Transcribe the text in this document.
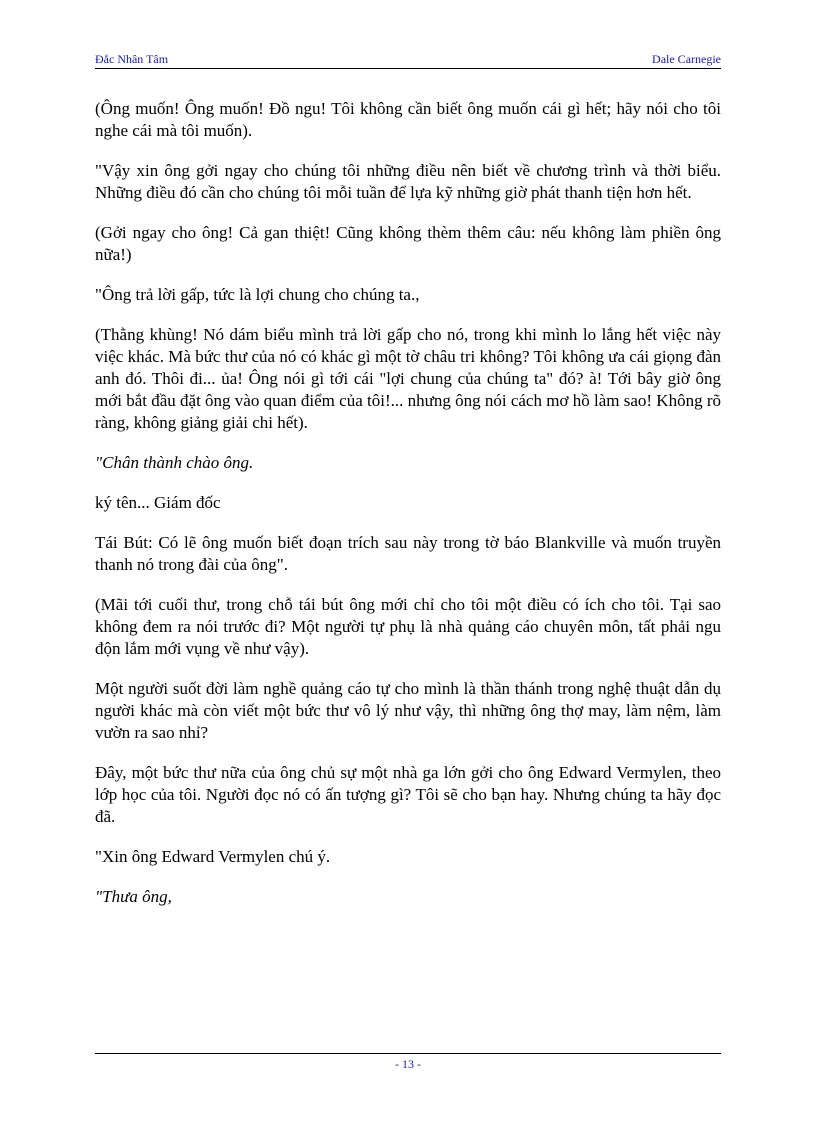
Đắc Nhân Tâm	Dale Carnegie

(Ông muốn! Ông muốn! Đồ ngu! Tôi không cần biết ông muốn cái gì hết; hãy nói cho tôi nghe cái mà tôi muốn).

"Vậy xin ông gởi ngay cho chúng tôi những điều nên biết về chương trình và thời biểu. Những điều đó cần cho chúng tôi mỗi tuần để lựa kỹ những giờ phát thanh tiện hơn hết.

(Gởi ngay cho ông! Cả gan thiệt! Cũng không thèm thêm câu: nếu không làm phiền ông nữa!)

"Ông trả lời gấp, tức là lợi chung cho chúng ta.,

(Thằng khùng! Nó dám biểu mình trả lời gấp cho nó, trong khi mình lo lắng hết việc này việc khác. Mà bức thư của nó có khác gì một tờ châu tri không? Tôi không ưa cái giọng đàn anh đó. Thôi đi... ủa! Ông nói gì tới cái "lợi chung của chúng ta" đó? à! Tới bây giờ ông mới bắt đầu đặt ông vào quan điểm của tôi!... nhưng ông nói cách mơ hồ làm sao! Không rõ ràng, không giảng giải chi hết).

"Chân thành chào ông.

ký tên... Giám đốc

Tái Bút: Có lẽ ông muốn biết đoạn trích sau này trong tờ báo Blankville và muốn truyền thanh nó trong đài của ông".

(Mãi tới cuối thư, trong chỗ tái bút ông mới chỉ cho tôi một điều có ích cho tôi. Tại sao không đem ra nói trước đi? Một người tự phụ là nhà quảng cáo chuyên môn, tất phải ngu độn lắm mới vụng về như vậy).

Một người suốt đời làm nghề quảng cáo tự cho mình là thần thánh trong nghệ thuật dẫn dụ người khác mà còn viết một bức thư vô lý như vậy, thì những ông thợ may, làm nệm, làm vườn ra sao nhỉ?

Đây, một bức thư nữa của ông chủ sự một nhà ga lớn gởi cho ông Edward Vermylen, theo lớp học của tôi. Người đọc nó có ấn tượng gì? Tôi sẽ cho bạn hay. Nhưng chúng ta hãy đọc đã.

"Xin ông Edward Vermylen chú ý.

"Thưa ông,

- 13 -
